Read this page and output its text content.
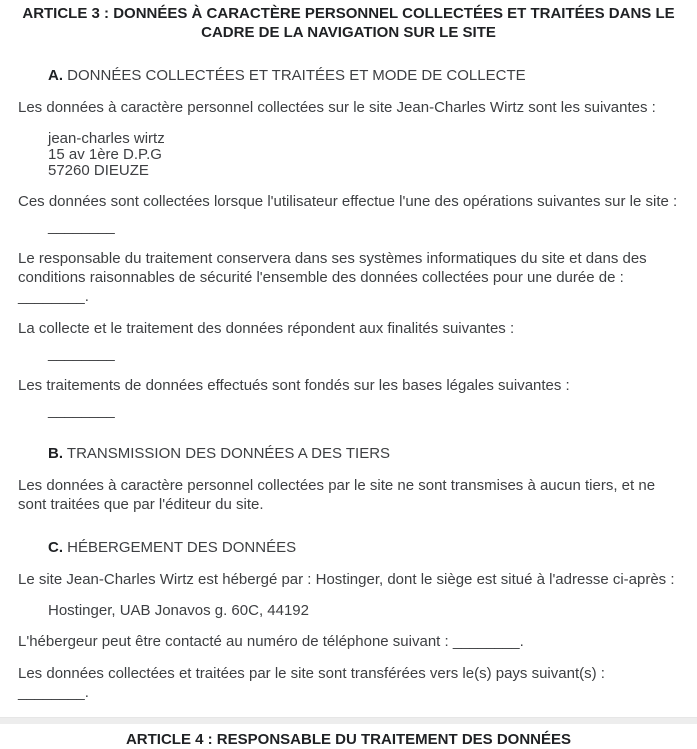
ARTICLE 3 : DONNÉES À CARACTÈRE PERSONNEL COLLECTÉES ET TRAITÉES DANS LE CADRE DE LA NAVIGATION SUR LE SITE
A. DONNÉES COLLECTÉES ET TRAITÉES ET MODE DE COLLECTE

Les données à caractère personnel collectées sur le site Jean-Charles Wirtz sont les suivantes :

jean-charles wirtz
15 av 1ère D.P.G
57260 DIEUZE

Ces données sont collectées lorsque l'utilisateur effectue l'une des opérations suivantes sur le site :

________

Le responsable du traitement conservera dans ses systèmes informatiques du site et dans des conditions raisonnables de sécurité l'ensemble des données collectées pour une durée de : ________.

La collecte et le traitement des données répondent aux finalités suivantes :

________

Les traitements de données effectués sont fondés sur les bases légales suivantes :

________

B. TRANSMISSION DES DONNÉES A DES TIERS

Les données à caractère personnel collectées par le site ne sont transmises à aucun tiers, et ne sont traitées que par l'éditeur du site.

C. HÉBERGEMENT DES DONNÉES

Le site Jean-Charles Wirtz est hébergé par : Hostinger, dont le siège est situé à l'adresse ci-après :

Hostinger, UAB Jonavos g. 60C, 44192

L'hébergeur peut être contacté au numéro de téléphone suivant : ________.

Les données collectées et traitées par le site sont transférées vers le(s) pays suivant(s) : ________.

ARTICLE 4 : RESPONSABLE DU TRAITEMENT DES DONNÉES
